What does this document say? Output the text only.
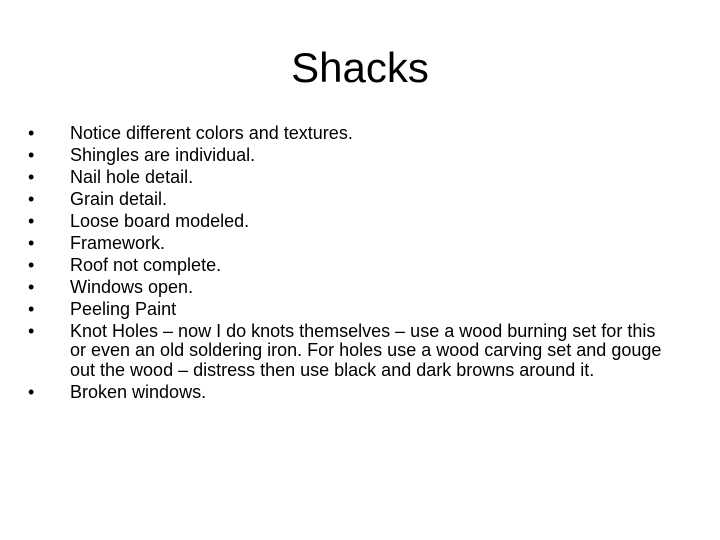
Shacks
•	Notice different colors and textures.
•	Shingles are individual.
•	Nail hole detail.
•	Grain detail.
•	Loose board modeled.
•	Framework.
•	Roof not complete.
•	Windows open.
•	Peeling Paint
•	Knot Holes – now I do knots themselves – use a wood burning set for this or even an old soldering iron. For holes use a wood carving set and gouge out the wood – distress then use black and dark browns around it.
•	Broken windows.
